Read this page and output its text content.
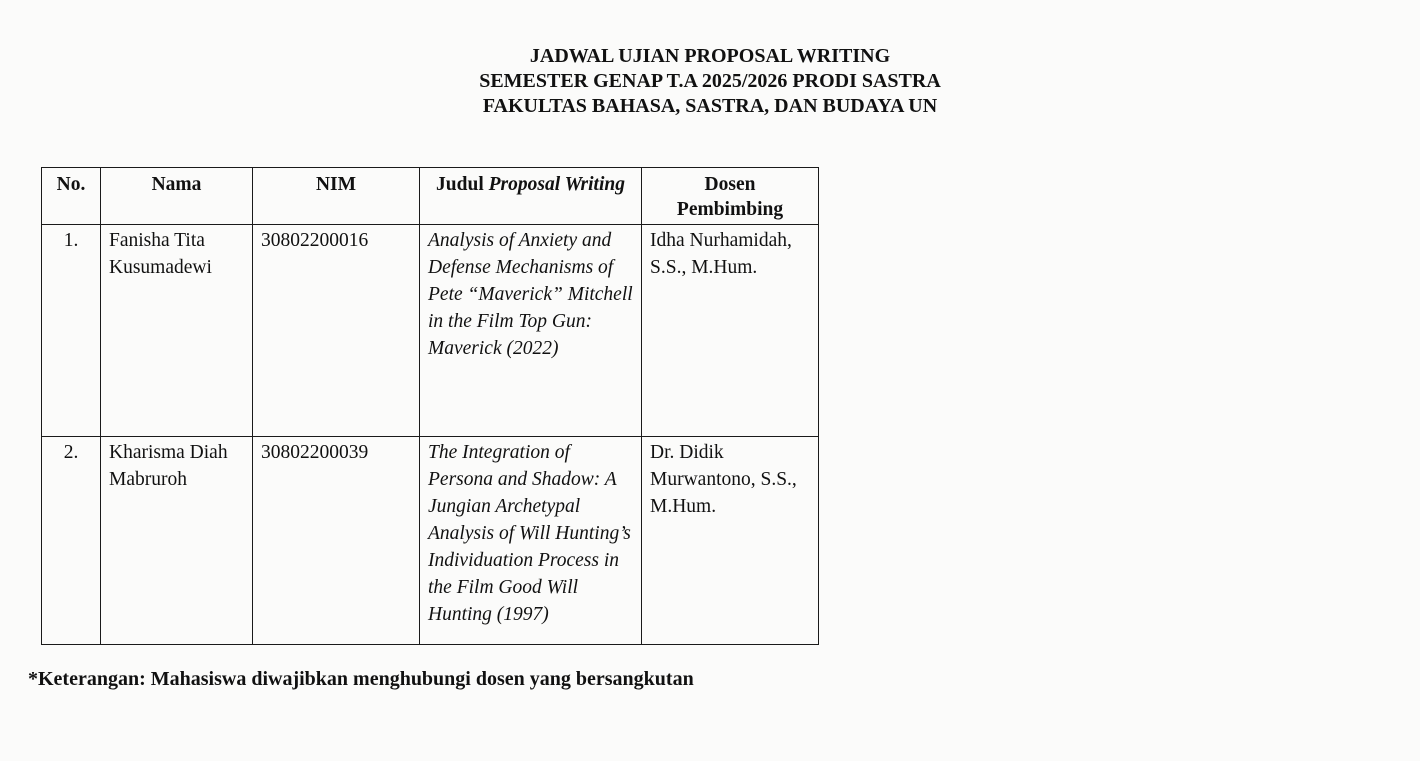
JADWAL UJIAN PROPOSAL WRITING
SEMESTER GENAP T.A 2025/2026 PRODI SASTRA
FAKULTAS BAHASA, SASTRA, DAN BUDAYA UN
No.	Nama	NIM	Judul Proposal Writing	Dosen Pembimbing
1.	Fanisha Tita Kusumadewi	30802200016	Analysis of Anxiety and Defense Mechanisms of Pete “Maverick” Mitchell in the Film Top Gun: Maverick (2022)	Idha Nurhamidah, S.S., M.Hum.
2.	Kharisma Diah Mabruroh	30802200039	The Integration of Persona and Shadow: A Jungian Archetypal Analysis of Will Hunting’s Individuation Process in the Film Good Will Hunting (1997)	Dr. Didik Murwantono, S.S., M.Hum.
*Keterangan: Mahasiswa diwajibkan menghubungi dosen yang bersangkutan
